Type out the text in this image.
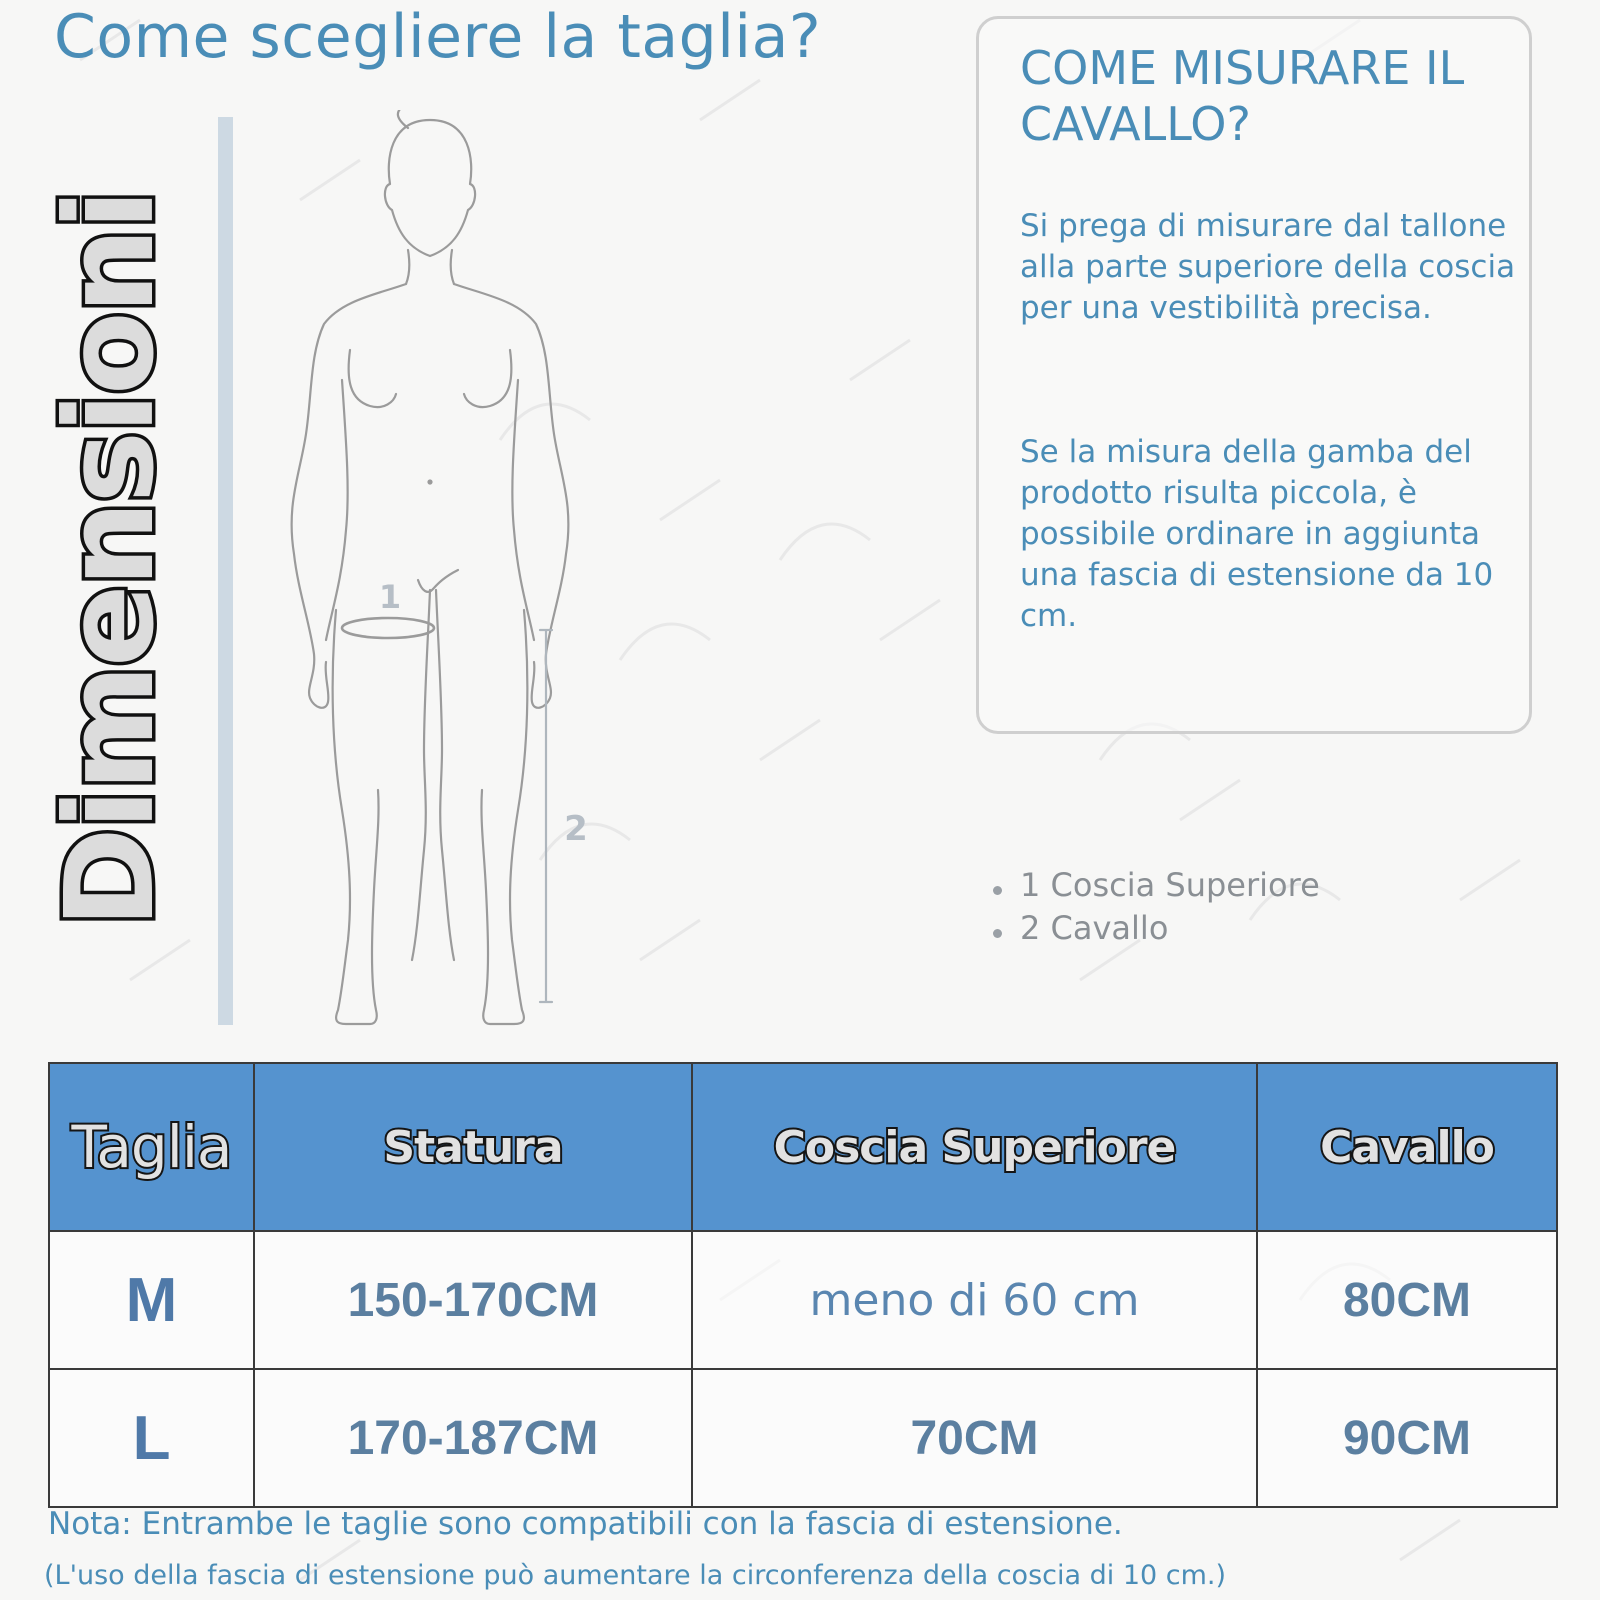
Come scegliere la taglia?
Dimensioni	1
2
COME MISURARE IL CAVALLO?

Si prega di misurare dal tallone alla parte superiore della coscia per una vestibilità precisa.

Se la misura della gamba del prodotto risulta piccola, è possibile ordinare in aggiunta una fascia di estensione da 10 cm.

1 Coscia Superiore
2 Cavallo
Taglia	Statura	Coscia Superiore	Cavallo
M	150-170CM	meno di 60 cm	80CM
L	170-187CM	70CM	90CM

Nota: Entrambe le taglie sono compatibili con la fascia di estensione.

(L'uso della fascia di estensione può aumentare la circonferenza della coscia di 10 cm.)
